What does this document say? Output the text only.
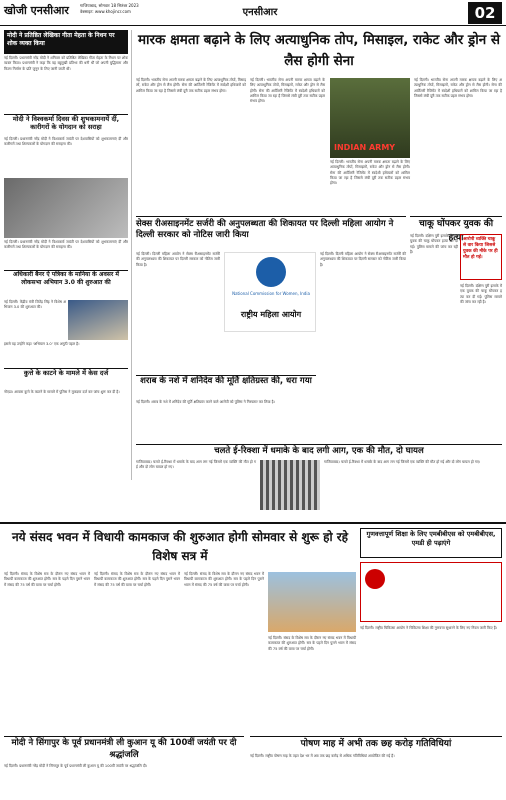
खोजी एनसीआर	गाजियाबाद, सोमवार 18 सितंबर 2023
वेबसाइट: www.khojincr.com	एनसीआर	02
मोदी ने प्रतिष्ठित लेखिका गीता मेहता के निधन पर शोक व्यक्त किया
नई दिल्ली। प्रधानमंत्री नरेंद्र मोदी ने शनिवार को प्रतिष्ठित लेखिका गीता मेहता के निधन पर शोक व्यक्त किया। प्रधानमंत्री ने कहा कि वह बहुमुखी प्रतिभा की धनी थीं जो अपनी बुद्धिमत्ता और फिल्म निर्माण के प्रति जुनून के लिए जानी जाती थीं।
मोदी ने विश्वकर्मा दिवस की शुभकामनायें दीं, कारीगरों के योगदान को सराहा
नई दिल्ली। प्रधानमंत्री नरेंद्र मोदी ने विश्वकर्मा जयंती पर देशवासियों को शुभकामनाएं दीं और कारीगरों तथा शिल्पकारों के योगदान की सराहना की।
नई दिल्ली। प्रधानमंत्री नरेंद्र मोदी ने विश्वकर्मा जयंती पर देशवासियों को शुभकामनाएं दीं और कारीगरों तथा शिल्पकारों के योगदान की सराहना की।
अधिकारी बैनर ऐ पत्रिका के मानिया के अवसर में लोकसभा अभियान 3.0 की शुरुआत की
नई दिल्ली। केंद्रीय मंत्री जितेंद्र सिंह ने विशेष अभियान 3.0 की शुरुआत की।
इससे यह उन्होंने कहा 'अभियान 3.0' एक अनूठी पहल है।
कुत्ते के काटने के मामले में केस दर्ज
नोएडा। आवारा कुत्ते के काटने के मामले में पुलिस ने मुकदमा दर्ज कर जांच शुरू कर दी है।
मारक क्षमता बढ़ाने के लिए अत्याधुनिक तोप, मिसाइल, राकेट और ड्रोन से लैस होगी सेना
नई दिल्ली। भारतीय सेना अपनी मारक क्षमता बढ़ाने के लिए अत्याधुनिक तोपों, मिसाइलों, राकेट और ड्रोन से लैस होगी। सेना की आर्टिलरी रेजिमेंट में स्वदेशी हथियारों को शामिल किया जा रहा है जिससे लंबी दूरी तक सटीक प्रहार संभव होगा।
नई दिल्ली। भारतीय सेना अपनी मारक क्षमता बढ़ाने के लिए अत्याधुनिक तोपों, मिसाइलों, राकेट और ड्रोन से लैस होगी। सेना की आर्टिलरी रेजिमेंट में स्वदेशी हथियारों को शामिल किया जा रहा है जिससे लंबी दूरी तक सटीक प्रहार संभव होगा।
INDIAN ARMY
नई दिल्ली। भारतीय सेना अपनी मारक क्षमता बढ़ाने के लिए अत्याधुनिक तोपों, मिसाइलों, राकेट और ड्रोन से लैस होगी। सेना की आर्टिलरी रेजिमेंट में स्वदेशी हथियारों को शामिल किया जा रहा है जिससे लंबी दूरी तक सटीक प्रहार संभव होगा।
नई दिल्ली। भारतीय सेना अपनी मारक क्षमता बढ़ाने के लिए अत्याधुनिक तोपों, मिसाइलों, राकेट और ड्रोन से लैस होगी। सेना की आर्टिलरी रेजिमेंट में स्वदेशी हथियारों को शामिल किया जा रहा है जिससे लंबी दूरी तक सटीक प्रहार संभव होगा।
सेक्स रीअसाइनमेंट सर्जरी की अनुपलब्धता की शिकायत पर दिल्ली महिला आयोग ने दिल्ली सरकार को नोटिस जारी किया
नई दिल्ली। दिल्ली महिला आयोग ने सेक्स रीअसाइनमेंट सर्जरी की अनुपलब्धता की शिकायत पर दिल्ली सरकार को नोटिस जारी किया है।
National Commission for Women, India
राष्ट्रीय महिला आयोग
नई दिल्ली। दिल्ली महिला आयोग ने सेक्स रीअसाइनमेंट सर्जरी की अनुपलब्धता की शिकायत पर दिल्ली सरकार को नोटिस जारी किया है।
शराब के नशे में शनिदेव की मूर्ति क्षतिग्रस्त की, धरा गया
नई दिल्ली। शराब के नशे में शनिदेव की मूर्ति क्षतिग्रस्त करने वाले आरोपी को पुलिस ने गिरफ्तार कर लिया है।
चाकू घोंपकर युवक की हत्या
नई दिल्ली। दक्षिण पुरी इलाके में एक युवक की चाकू घोंपकर हत्या कर दी गई। पुलिस मामले की जांच कर रही है।
आरोपी व्यक्ति चाकू से वार किया जिससे युवक की मौके पर ही मौत हो गई।
नई दिल्ली। दक्षिण पुरी इलाके में एक युवक की चाकू घोंपकर हत्या कर दी गई। पुलिस मामले की जांच कर रही है।
चलते ई-रिक्शा में धमाके के बाद लगी आग, एक की मौत, दो घायल
गाजियाबाद। चलते ई-रिक्शा में धमाके के बाद आग लग गई जिसमें एक व्यक्ति की मौत हो गई और दो लोग घायल हो गए।
गाजियाबाद। चलते ई-रिक्शा में धमाके के बाद आग लग गई जिसमें एक व्यक्ति की मौत हो गई और दो लोग घायल हो गए।
नये संसद भवन में विधायी कामकाज की शुरुआत होगी सोमवार से शुरू हो रहे विशेष सत्र में
नई दिल्ली। संसद के विशेष सत्र के दौरान नए संसद भवन में विधायी कामकाज की शुरुआत होगी। सत्र के पहले दिन पुराने भवन में संसद की 75 वर्ष की यात्रा पर चर्चा होगी।
नई दिल्ली। संसद के विशेष सत्र के दौरान नए संसद भवन में विधायी कामकाज की शुरुआत होगी। सत्र के पहले दिन पुराने भवन में संसद की 75 वर्ष की यात्रा पर चर्चा होगी।
नई दिल्ली। संसद के विशेष सत्र के दौरान नए संसद भवन में विधायी कामकाज की शुरुआत होगी। सत्र के पहले दिन पुराने भवन में संसद की 75 वर्ष की यात्रा पर चर्चा होगी।
नई दिल्ली। संसद के विशेष सत्र के दौरान नए संसद भवन में विधायी कामकाज की शुरुआत होगी। सत्र के पहले दिन पुराने भवन में संसद की 75 वर्ष की यात्रा पर चर्चा होगी।
गुणवत्तापूर्ण शिक्षा के लिए एमबीबीएस को एमबीबीएस, एमडी ही पढ़ाएंगे
नई दिल्ली। राष्ट्रीय चिकित्सा आयोग ने चिकित्सा शिक्षा की गुणवत्ता सुधारने के लिए नए नियम जारी किए हैं।
मोदी ने सिंगापुर के पूर्व प्रधानमंत्री ली कुआन यू की 100वीं जयंती पर दी श्रद्धांजलि
नई दिल्ली। प्रधानमंत्री नरेंद्र मोदी ने सिंगापुर के पूर्व प्रधानमंत्री ली कुआन यू की 100वीं जयंती पर श्रद्धांजलि दी।
पोषण माह में अभी तक छह करोड़ गतिविधियां
नई दिल्ली। राष्ट्रीय पोषण माह के तहत देश भर में अब तक छह करोड़ से अधिक गतिविधियां आयोजित की गई हैं।
